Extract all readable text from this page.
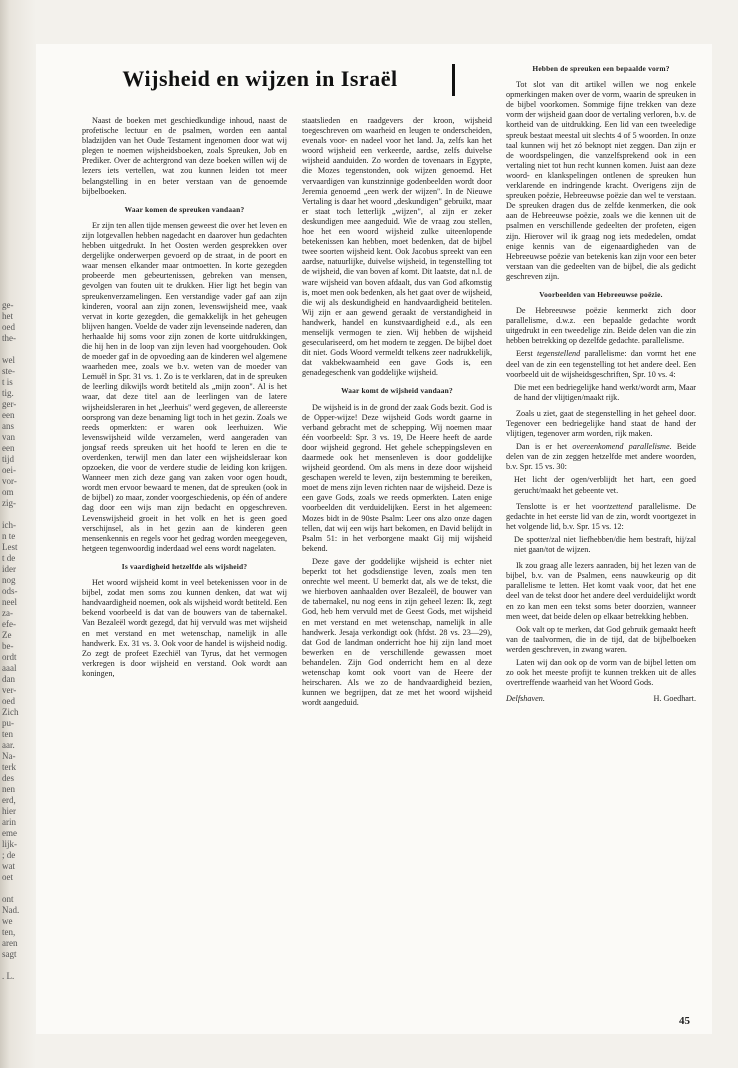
ge-
het
oed
the-

wel
ste-
t is
tig.
ger-
een
ans
van
een
tijd
oei-
vor-
om
zig-

ich-
n te
Lest
t de
ider
nog
ods-
neel
za-
efe-
Ze
be-
ordt
aaal
dan
ver-
oed
Zich
pu-
ten
aar.
Na-
terk
des
nen
erd,
hier
arin
eme
lijk-
; de
wat
oet

ont
Nad.
we
ten,
aren
sagt

. L.
Wijsheid en wijzen in Israël

Naast de boeken met geschiedkundige inhoud, naast de profetische lectuur en de psalmen, worden een aantal bladzijden van het Oude Testament ingenomen door wat wij plegen te noemen wijsheidsboeken, zoals Spreuken, Job en Prediker. Over de achtergrond van deze boeken willen wij de lezers iets vertellen, wat zou kunnen leiden tot meer belangstelling in en beter verstaan van de genoemde bijbelboeken.

Waar komen de spreuken vandaan?

Er zijn ten allen tijde mensen geweest die over het leven en zijn lotgevallen hebben nagedacht en daarover hun gedachten hebben uitgedrukt. In het Oosten werden gesprekken over dergelijke onderwerpen gevoerd op de straat, in de poort en waar mensen elkander maar ontmoetten. In korte gezegden probeerde men gebeurtenissen, gebreken van mensen, gevolgen van fouten uit te drukken. Hier ligt het begin van spreukenverzamelingen. Een verstandige vader gaf aan zijn kinderen, vooral aan zijn zonen, levenswijsheid mee, vaak vervat in korte gezegden, die gemakkelijk in het geheugen blijven hangen. Voelde de vader zijn levenseinde naderen, dan herhaalde hij soms voor zijn zonen de korte uitdrukkingen, die hij hen in de loop van zijn leven had voorgehouden. Ook de moeder gaf in de opvoeding aan de kinderen wel algemene waarheden mee, zoals we b.v. weten van de moeder van Lemuël in Spr. 31 vs. 1. Zo is te verklaren, dat in de spreuken de leerling dikwijls wordt betiteld als „mijn zoon". Al is het waar, dat deze titel aan de leerlingen van de latere wijsheidsleraren in het „leerhuis" werd gegeven, de allereerste oorsprong van deze benaming ligt toch in het gezin. Zoals we reeds opmerkten: er waren ook leerhuizen. Wie levenswijsheid wilde verzamelen, werd aangeraden van jongsaf reeds spreuken uit het hoofd te leren en die te overdenken, terwijl men dan later een wijsheidsleraar kon opzoeken, die voor de verdere studie de leiding kon krijgen. Wanneer men zich deze gang van zaken voor ogen houdt, wordt men ervoor bewaard te menen, dat de spreuken (ook in de bijbel) zo maar, zonder voorgeschiedenis, op één of andere dag door een wijs man zijn bedacht en opgeschreven. Levenswijsheid groeit in het volk en het is geen goed verschijnsel, als in het gezin aan de kinderen geen mensenkennis en regels voor het gedrag worden meegegeven, hetgeen tegenwoordig inderdaad wel eens wordt nagelaten.

Is vaardigheid hetzelfde als wijsheid?

Het woord wijsheid komt in veel betekenissen voor in de bijbel, zodat men soms zou kunnen denken, dat wat wij handvaardigheid noemen, ook als wijsheid wordt betiteld. Een bekend voorbeeld is dat van de bouwers van de tabernakel. Van Bezaleël wordt gezegd, dat hij vervuld was met wijsheid en met verstand en met wetenschap, namelijk in alle handwerk. Ex. 31 vs. 3. Ook voor de handel is wijsheid nodig. Zo zegt de profeet Ezechiël van Tyrus, dat het vermogen verkregen is door wijsheid en verstand. Ook wordt aan koningen,

staatslieden en raadgevers der kroon, wijsheid toegeschreven om waarheid en leugen te onderscheiden, evenals voor- en nadeel voor het land. Ja, zelfs kan het woord wijsheid een verkeerde, aardse, zelfs duivelse wijsheid aanduiden. Zo worden de tovenaars in Egypte, die Mozes tegenstonden, ook wijzen genoemd. Het vervaardigen van kunstzinnige godenbeelden wordt door Jeremia genoemd „een werk der wijzen". In de Nieuwe Vertaling is daar het woord „deskundigen" gebruikt, maar er staat toch letterlijk „wijzen", al zijn er zeker deskundigen mee aangeduid. Wie de vraag zou stellen, hoe het een woord wijsheid zulke uiteenlopende betekenissen kan hebben, moet bedenken, dat de bijbel twee soorten wijsheid kent. Ook Jacobus spreekt van een aardse, natuurlijke, duivelse wijsheid, in tegenstelling tot de wijsheid, die van boven af komt. Dit laatste, dat n.l. de ware wijsheid van boven afdaalt, dus van God afkomstig is, moet men ook bedenken, als het gaat over de wijsheid, die wij als deskundigheid en handvaardigheid betitelen. Wij zijn er aan gewend geraakt de verstandigheid in handwerk, handel en kunstvaardigheid e.d., als een menselijk vermogen te zien. Wij hebben de wijsheid geseculariseerd, om het modern te zeggen. De bijbel doet dit niet. Gods Woord vermeldt telkens zeer nadrukkelijk, dat vakbekwaamheid een gave Gods is, een genadegeschenk van goddelijke wijsheid.

Waar komt de wijsheid vandaan?

De wijsheid is in de grond der zaak Gods bezit. God is de Opper-wijze! Deze wijsheid Gods wordt gaarne in verband gebracht met de schepping. Wij noemen maar één voorbeeld: Spr. 3 vs. 19, De Heere heeft de aarde door wijsheid gegrond. Het gehele scheppingsleven en daarmede ook het mensenleven is door goddelijke wijsheid geordend. Om als mens in deze door wijsheid geschapen wereld te leven, zijn bestemming te bereiken, moet de mens zijn leven richten naar de wijsheid. Deze is een gave Gods, zoals we reeds opmerkten. Laten enige voorbeelden dit verduidelijken. Eerst in het algemeen: Mozes bidt in de 90ste Psalm: Leer ons alzo onze dagen tellen, dat wij een wijs hart bekomen, en David belijdt in Psalm 51: in het verborgene maakt Gij mij wijsheid bekend.

Deze gave der goddelijke wijsheid is echter niet beperkt tot het godsdienstige leven, zoals men ten onrechte wel meent. U bemerkt dat, als we de tekst, die we hierboven aanhaalden over Bezaleël, de bouwer van de tabernakel, nu nog eens in zijn geheel lezen: Ik, zegt God, heb hem vervuld met de Geest Gods, met wijsheid en met verstand en met wetenschap, namelijk in alle handwerk. Jesaja verkondigt ook (hfdst. 28 vs. 23—29), dat God de landman onderricht hoe hij zijn land moet bewerken en de verschillende gewassen moet behandelen. Zijn God onderricht hem en al deze wetenschap komt ook voort van de Heere der heirscharen. Als we zo de handvaardigheid bezien, kunnen we begrijpen, dat ze met het woord wijsheid wordt aangeduid.

Hebben de spreuken een bepaalde vorm?

Tot slot van dit artikel willen we nog enkele opmerkingen maken over de vorm, waarin de spreuken in de bijbel voorkomen. Sommige fijne trekken van deze vorm der wijsheid gaan door de vertaling verloren, b.v. de kortheid van de uitdrukking. Een lid van een tweeledige spreuk bestaat meestal uit slechts 4 of 5 woorden. In onze taal kunnen wij het zó beknopt niet zeggen. Dan zijn er de woordspelingen, die vanzelfsprekend ook in een vertaling niet tot hun recht kunnen komen. Juist aan deze woord- en klankspelingen ontlenen de spreuken hun verklarende en indringende kracht. Overigens zijn de spreuken poëzie, Hebreeuwse poëzie dan wel te verstaan. De spreuken dragen dus de zelfde kenmerken, die ook aan de Hebreeuwse poëzie, zoals we die kennen uit de psalmen en verschillende gedeelten der profeten, eigen zijn. Hierover wil ik graag nog iets mededelen, omdat enige kennis van de eigenaardigheden van de Hebreeuwse poëzie van betekenis kan zijn voor een beter verstaan van die gedeelten van de bijbel, die als gedicht geschreven zijn.

Voorbeelden van Hebreeuwse poëzie.

De Hebreeuwse poëzie kenmerkt zich door parallelisme, d.w.z. een bepaalde gedachte wordt uitgedrukt in een tweedelige zin. Beide delen van die zin hebben betrekking op dezelfde gedachte. parallelisme.

Eerst tegenstellend parallelisme: dan vormt het ene deel van de zin een tegenstelling tot het andere deel. Een voorbeeld uit de wijsheidsgeschriften, Spr. 10 vs. 4:

Die met een bedriegelijke hand werkt/wordt arm, Maar de hand der vlijtigen/maakt rijk.

Zoals u ziet, gaat de stegenstelling in het geheel door. Tegenover een bedriegelijke hand staat de hand der vlijtigen, tegenover arm worden, rijk maken.

Dan is er het overeenkomend parallelisme. Beide delen van de zin zeggen hetzelfde met andere woorden, b.v. Spr. 15 vs. 30:

Het licht der ogen/verblijdt het hart, een goed gerucht/maakt het gebeente vet.

Tenslotte is er het voortzettend parallelisme. De gedachte in het eerste lid van de zin, wordt voortgezet in het volgende lid, b.v. Spr. 15 vs. 12:

De spotter/zal niet liefhebben/die hem bestraft, hij/zal niet gaan/tot de wijzen.

Ik zou graag alle lezers aanraden, bij het lezen van de bijbel, b.v. van de Psalmen, eens nauwkeurig op dit parallelisme te letten. Het komt vaak voor, dat het ene deel van de tekst door het andere deel verduidelijkt wordt en zo kan men een tekst soms beter doorzien, wanneer men weet, dat beide delen op elkaar betrekking hebben.

Ook valt op te merken, dat God gebruik gemaakt heeft van de taalvormen, die in de tijd, dat de bijbelboeken werden geschreven, in zwang waren.

Laten wij dan ook op de vorm van de bijbel letten om zo ook het meeste profijt te kunnen trekken uit de alles overtreffende waarheid van het Woord Gods.

Delfshaven.	H. Goedhart.
45
